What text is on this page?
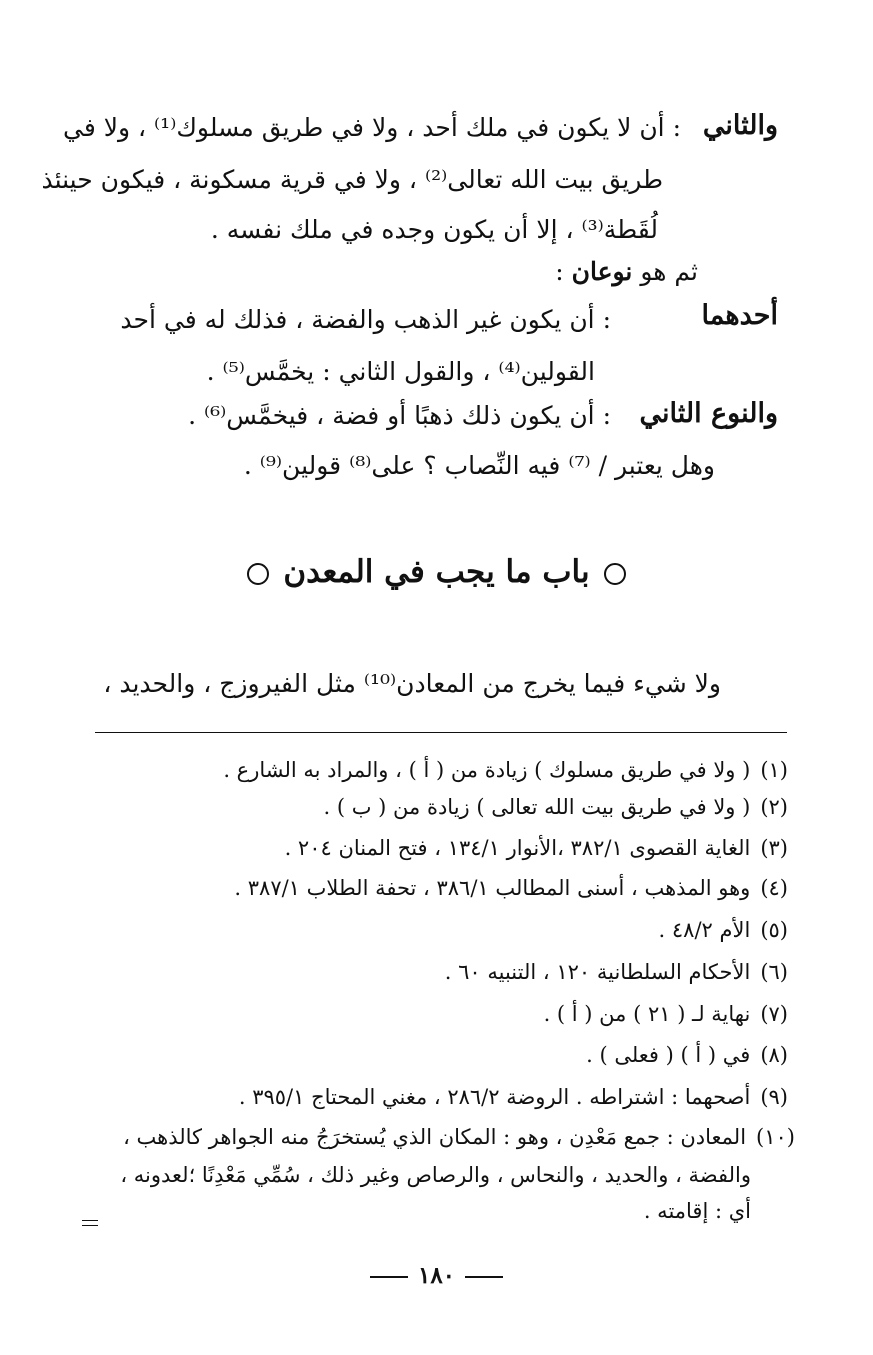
والثاني
: أن لا يكون في ملك أحد ، ولا في طريق مسلوك⁽¹⁾ ، ولا في
طريق بيت الله تعالى⁽²⁾ ، ولا في قرية مسكونة ، فيكون حينئذ
لُقَطة⁽³⁾ ، إلا أن يكون وجده في ملك نفسه .
ثم هو نوعان :
أحدهما
: أن يكون غير الذهب والفضة ، فذلك له في أحد
القولين⁽⁴⁾ ، والقول الثاني : يخمَّس⁽⁵⁾ .
والنوع الثاني
: أن يكون ذلك ذهبًا أو فضة ، فيخمَّس⁽⁶⁾ .
وهل يعتبر / ⁽⁷⁾ فيه النِّصاب ؟ على⁽⁸⁾ قولين⁽⁹⁾ .
باب ما يجب في المعدن
ولا شيء فيما يخرج من المعادن⁽¹⁰⁾ مثل الفيروزج ، والحديد ،
(١)( ولا في طريق مسلوك ) زيادة من ( أ ) ، والمراد به الشارع .
(٢)( ولا في طريق بيت الله تعالى ) زيادة من ( ب ) .
(٣)الغاية القصوى ٣٨٢/١ ،الأنوار ١٣٤/١ ، فتح المنان ٢٠٤ .
(٤)وهو المذهب ، أسنى المطالب ٣٨٦/١ ، تحفة الطلاب ٣٨٧/١ .
(٥)الأم ٤٨/٢ .
(٦)الأحكام السلطانية ١٢٠ ، التنبيه ٦٠ .
(٧)نهاية لـ ( ٢١ ) من ( أ ) .
(٨)في ( أ ) ( فعلى ) .
(٩)أصحهما : اشتراطه . الروضة ٢٨٦/٢ ، مغني المحتاج ٣٩٥/١ .
(١٠)المعادن : جمع مَعْدِن ، وهو : المكان الذي يُستخرَجُ منه الجواهر كالذهب ،
والفضة ، والحديد ، والنحاس ، والرصاص وغير ذلك ، سُمِّي مَعْدِنًا ؛لعدونه ،
أي : إقامته .
١٨٠
